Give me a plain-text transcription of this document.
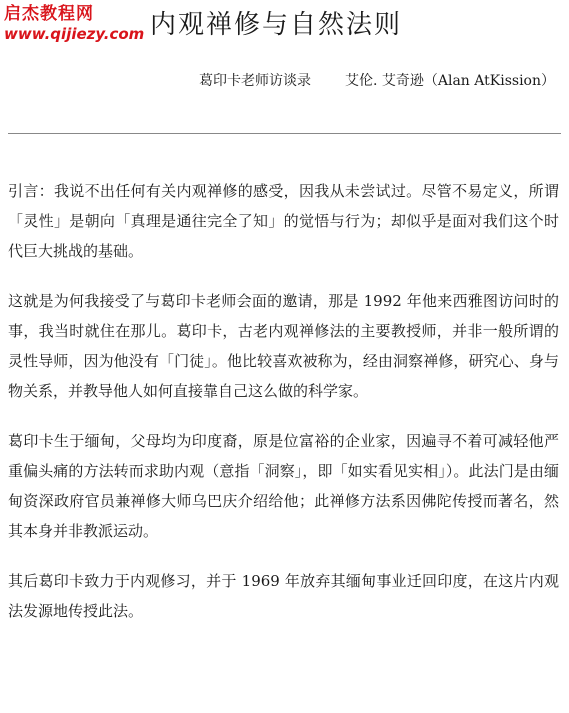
启杰教程网
www.qijiezy.com 内观禅修与自然法则
葛印卡老师访谈录 艾伦. 艾奇逊（Alan AtKission）

引言：我说不出任何有关内观禅修的感受，因我从未尝试过。尽管不易定义，所谓「灵性」是朝向「真理是通往完全了知」的觉悟与行为；却似乎是面对我们这个时代巨大挑战的基础。

这就是为何我接受了与葛印卡老师会面的邀请，那是 1992 年他来西雅图访问时的事，我当时就住在那儿。葛印卡，古老内观禅修法的主要教授师，并非一般所谓的灵性导师，因为他没有「门徒」。他比较喜欢被称为，经由洞察禅修，研究心、身与物关系，并教导他人如何直接靠自己这么做的科学家。

葛印卡生于缅甸，父母均为印度裔，原是位富裕的企业家，因遍寻不着可减轻他严重偏头痛的方法转而求助内观（意指「洞察」，即「如实看见实相」）。此法门是由缅甸资深政府官员兼禅修大师乌巴庆介绍给他；此禅修方法系因佛陀传授而著名，然其本身并非教派运动。

其后葛印卡致力于内观修习，并于 1969 年放弃其缅甸事业迁回印度，在这片内观法发源地传授此法。
